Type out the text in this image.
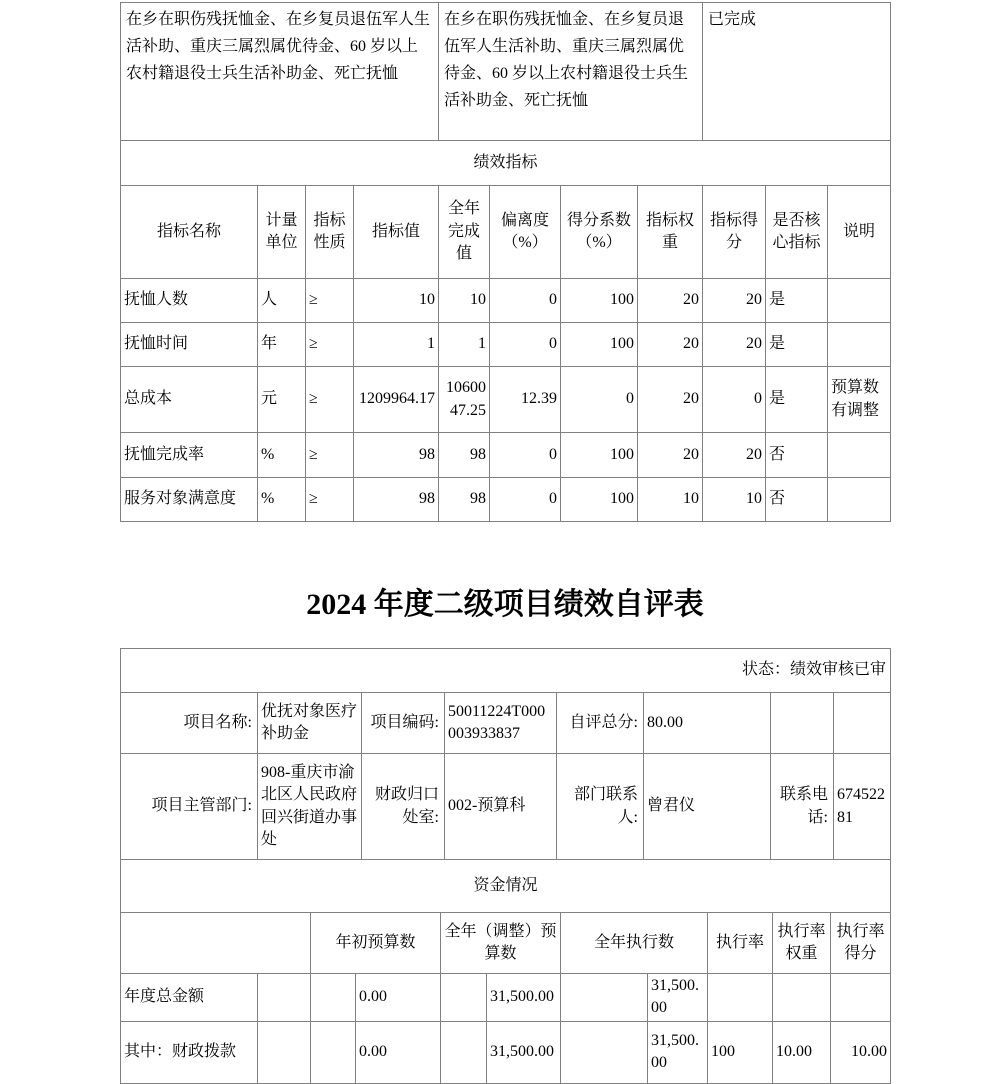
在乡在职伤残抚恤金、在乡复员退伍军人生活补助、重庆三属烈属优待金、60 岁以上农村籍退役士兵生活补助金、死亡抚恤				在乡在职伤残抚恤金、在乡复员退伍军人生活补助、重庆三属烈属优待金、60 岁以上农村籍退役士兵生活补助金、死亡抚恤				已完成		
绩效指标										
指标名称	计量单位	指标性质	指标值	全年完成值	偏离度（%）	得分系数（%）	指标权重	指标得分	是否核心指标	说明
抚恤人数	人	≥	10	10	0	100	20	20	是	
抚恤时间	年	≥	1	1	0	100	20	20	是	
总成本	元	≥	1209964.17	1060047.25	12.39	0	20	0	是	预算数有调整
抚恤完成率	%	≥	98	98	0	100	20	20	否	
服务对象满意度	%	≥	98	98	0	100	10	10	否	
2024 年度二级项目绩效自评表
状态：绩效审核已审							
项目名称:	优抚对象医疗补助金	项目编码:	50011224T000003933837	自评总分:	80.00		
项目主管部门:	908-重庆市渝北区人民政府回兴街道办事处	财政归口处室:	002-预算科	部门联系人:	曾君仪	联系电话:	67452281
资金情况										
		年初预算数		全年（调整）预算数		全年执行数		执行率	执行率权重	执行率得分
年度总金额			0.00		31,500.00		31,500.00			
其中：财政拨款			0.00		31,500.00		31,500.00	100	10.00	10.00
